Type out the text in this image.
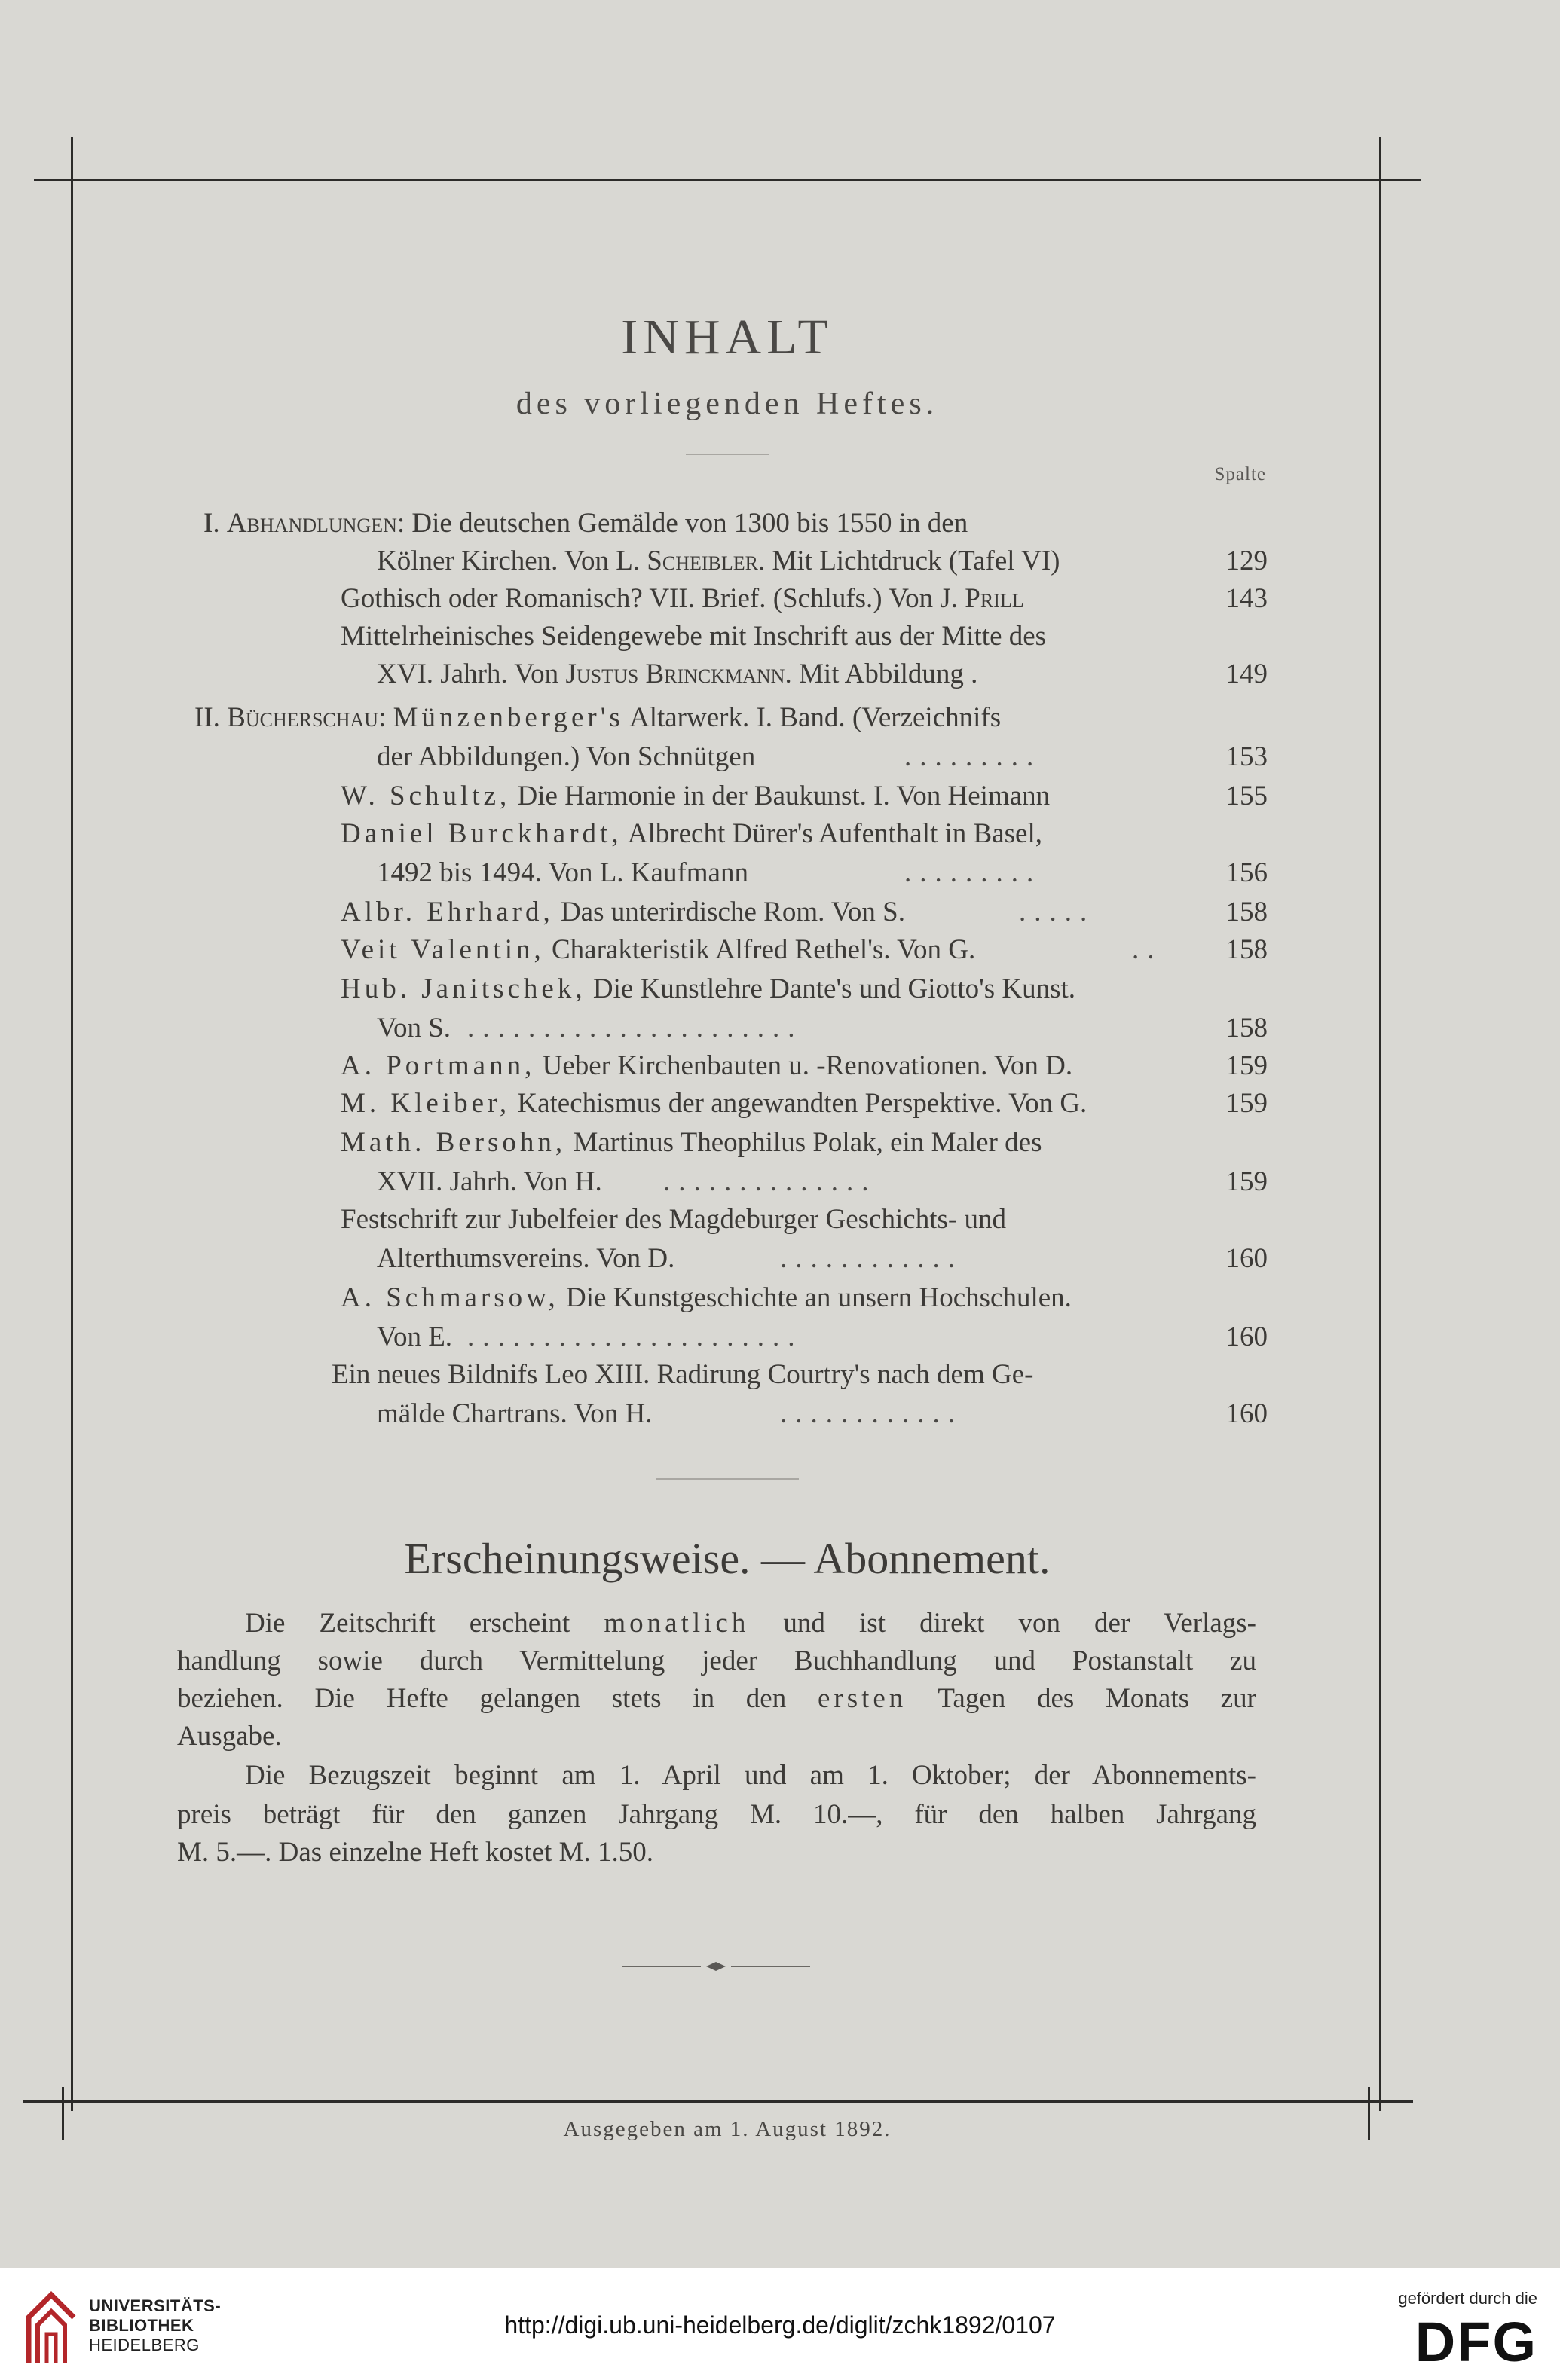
INHALT
des vorliegenden Heftes.
Spalte
I. Abhandlungen: Die deutschen Gemälde von 1300 bis 1550 in den
Kölner Kirchen. Von L. Scheibler. Mit Lichtdruck (Tafel VI)	129
Gothisch oder Romanisch? VII. Brief. (Schlufs.) Von J. Prill	143
Mittelrheinisches Seidengewebe mit Inschrift aus der Mitte des
XVI. Jahrh. Von Justus Brinckmann. Mit Abbildung .	149
II. Bücherschau: Münzenberger's Altarwerk. I. Band. (Verzeichnifs
der Abbildungen.) Von Schnütgen	.........	153
W. Schultz, Die Harmonie in der Baukunst. I. Von Heimann	155
Daniel Burckhardt, Albrecht Dürer's Aufenthalt in Basel,
1492 bis 1494. Von L. Kaufmann	.........	156
Albr. Ehrhard, Das unterirdische Rom. Von S.	.....	158
Veit Valentin, Charakteristik Alfred Rethel's. Von G.	.. 158
Hub. Janitschek, Die Kunstlehre Dante's und Giotto's Kunst.
Von S. ......................	158
A. Portmann, Ueber Kirchenbauten u. -Renovationen. Von D.	159
M. Kleiber, Katechismus der angewandten Perspektive. Von G.	159
Math. Bersohn, Martinus Theophilus Polak, ein Maler des
XVII. Jahrh. Von H. ..............	159
Festschrift zur Jubelfeier des Magdeburger Geschichts- und
Alterthumsvereins. Von D.	............	160
A. Schmarsow, Die Kunstgeschichte an unsern Hochschulen.
Von E. ......................	160
Ein neues Bildnifs Leo XIII. Radirung Courtry's nach dem Ge-
mälde Chartrans. Von H.	............	160
Erscheinungsweise. — Abonnement.
Die Zeitschrift erscheint monatlich und ist direkt von der Verlags-
handlung sowie durch Vermittelung jeder Buchhandlung und Postanstalt zu
beziehen. Die Hefte gelangen stets in den ersten Tagen des Monats zur
Ausgabe.
Die Bezugszeit beginnt am 1. April und am 1. Oktober; der Abonnements-
preis beträgt für den ganzen Jahrgang M. 10.—, für den halben Jahrgang
M. 5.—. Das einzelne Heft kostet M. 1.50.
Ausgegeben am 1. August 1892.
UNIVERSITÄTS-
BIBLIOTHEK
HEIDELBERG
http://digi.ub.uni-heidelberg.de/diglit/zchk1892/0107
gefördert durch die
DFG
